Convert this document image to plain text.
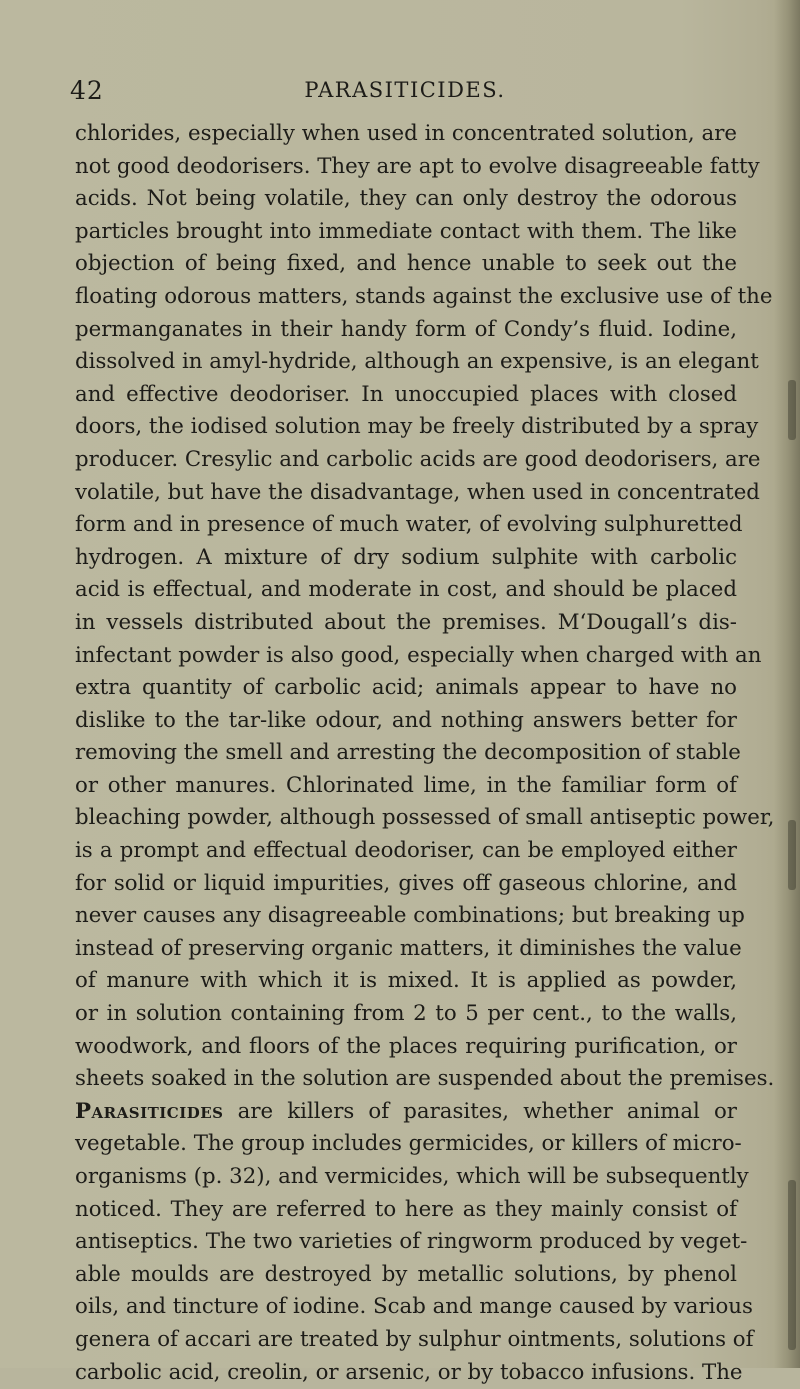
42	PARASITICIDES.
chlorides, especially when used in concentrated solution, are
not good deodorisers. They are apt to evolve disagreeable fatty
acids. Not being volatile, they can only destroy the odorous
particles brought into immediate contact with them. The like
objection of being fixed, and hence unable to seek out the
floating odorous matters, stands against the exclusive use of the
permanganates in their handy form of Condy’s fluid. Iodine,
dissolved in amyl-hydride, although an expensive, is an elegant
and effective deodoriser. In unoccupied places with closed
doors, the iodised solution may be freely distributed by a spray
producer. Cresylic and carbolic acids are good deodorisers, are
volatile, but have the disadvantage, when used in concentrated
form and in presence of much water, of evolving sulphuretted
hydrogen. A mixture of dry sodium sulphite with carbolic
acid is effectual, and moderate in cost, and should be placed
in vessels distributed about the premises. M‘Dougall’s dis-
infectant powder is also good, especially when charged with an
extra quantity of carbolic acid; animals appear to have no
dislike to the tar-like odour, and nothing answers better for
removing the smell and arresting the decomposition of stable
or other manures. Chlorinated lime, in the familiar form of
bleaching powder, although possessed of small antiseptic power,
is a prompt and effectual deodoriser, can be employed either
for solid or liquid impurities, gives off gaseous chlorine, and
never causes any disagreeable combinations; but breaking up
instead of preserving organic matters, it diminishes the value
of manure with which it is mixed. It is applied as powder,
or in solution containing from 2 to 5 per cent., to the walls,
woodwork, and floors of the places requiring purification, or
sheets soaked in the solution are suspended about the premises.
Parasiticides are killers of parasites, whether animal or
vegetable. The group includes germicides, or killers of micro-
organisms (p. 32), and vermicides, which will be subsequently
noticed. They are referred to here as they mainly consist of
antiseptics. The two varieties of ringworm produced by veget-
able moulds are destroyed by metallic solutions, by phenol
oils, and tincture of iodine. Scab and mange caused by various
genera of accari are treated by sulphur ointments, solutions of
carbolic acid, creolin, or arsenic, or by tobacco infusions. The
